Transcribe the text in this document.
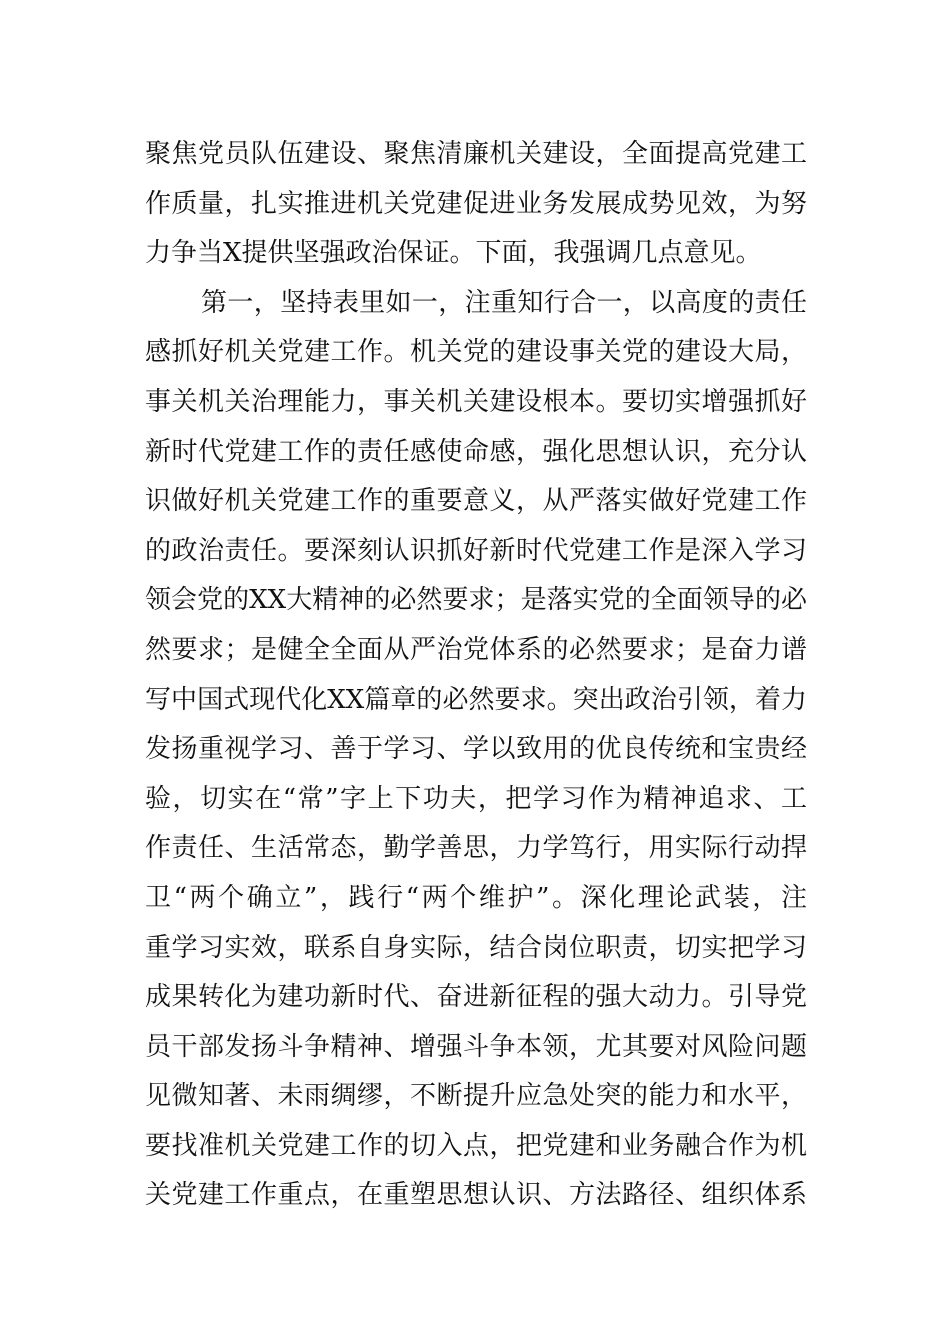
聚焦党员队伍建设、聚焦清廉机关建设，全面提高党建工
作质量，扎实推进机关党建促进业务发展成势见效，为努
力争当X提供坚强政治保证。下面，我强调几点意见。
第一，坚持表里如一，注重知行合一，以高度的责任
感抓好机关党建工作。机关党的建设事关党的建设大局，
事关机关治理能力，事关机关建设根本。要切实增强抓好
新时代党建工作的责任感使命感，强化思想认识，充分认
识做好机关党建工作的重要意义，从严落实做好党建工作
的政治责任。要深刻认识抓好新时代党建工作是深入学习
领会党的XX大精神的必然要求；是落实党的全面领导的必
然要求；是健全全面从严治党体系的必然要求；是奋力谱
写中国式现代化XX篇章的必然要求。突出政治引领，着力
发扬重视学习、善于学习、学以致用的优良传统和宝贵经
验，切实在“常”字上下功夫，把学习作为精神追求、工
作责任、生活常态，勤学善思，力学笃行，用实际行动捍
卫“两个确立”，践行“两个维护”。深化理论武装，注
重学习实效，联系自身实际，结合岗位职责，切实把学习
成果转化为建功新时代、奋进新征程的强大动力。引导党
员干部发扬斗争精神、增强斗争本领，尤其要对风险问题
见微知著、未雨绸缪，不断提升应急处突的能力和水平，
要找准机关党建工作的切入点，把党建和业务融合作为机
关党建工作重点，在重塑思想认识、方法路径、组织体系
